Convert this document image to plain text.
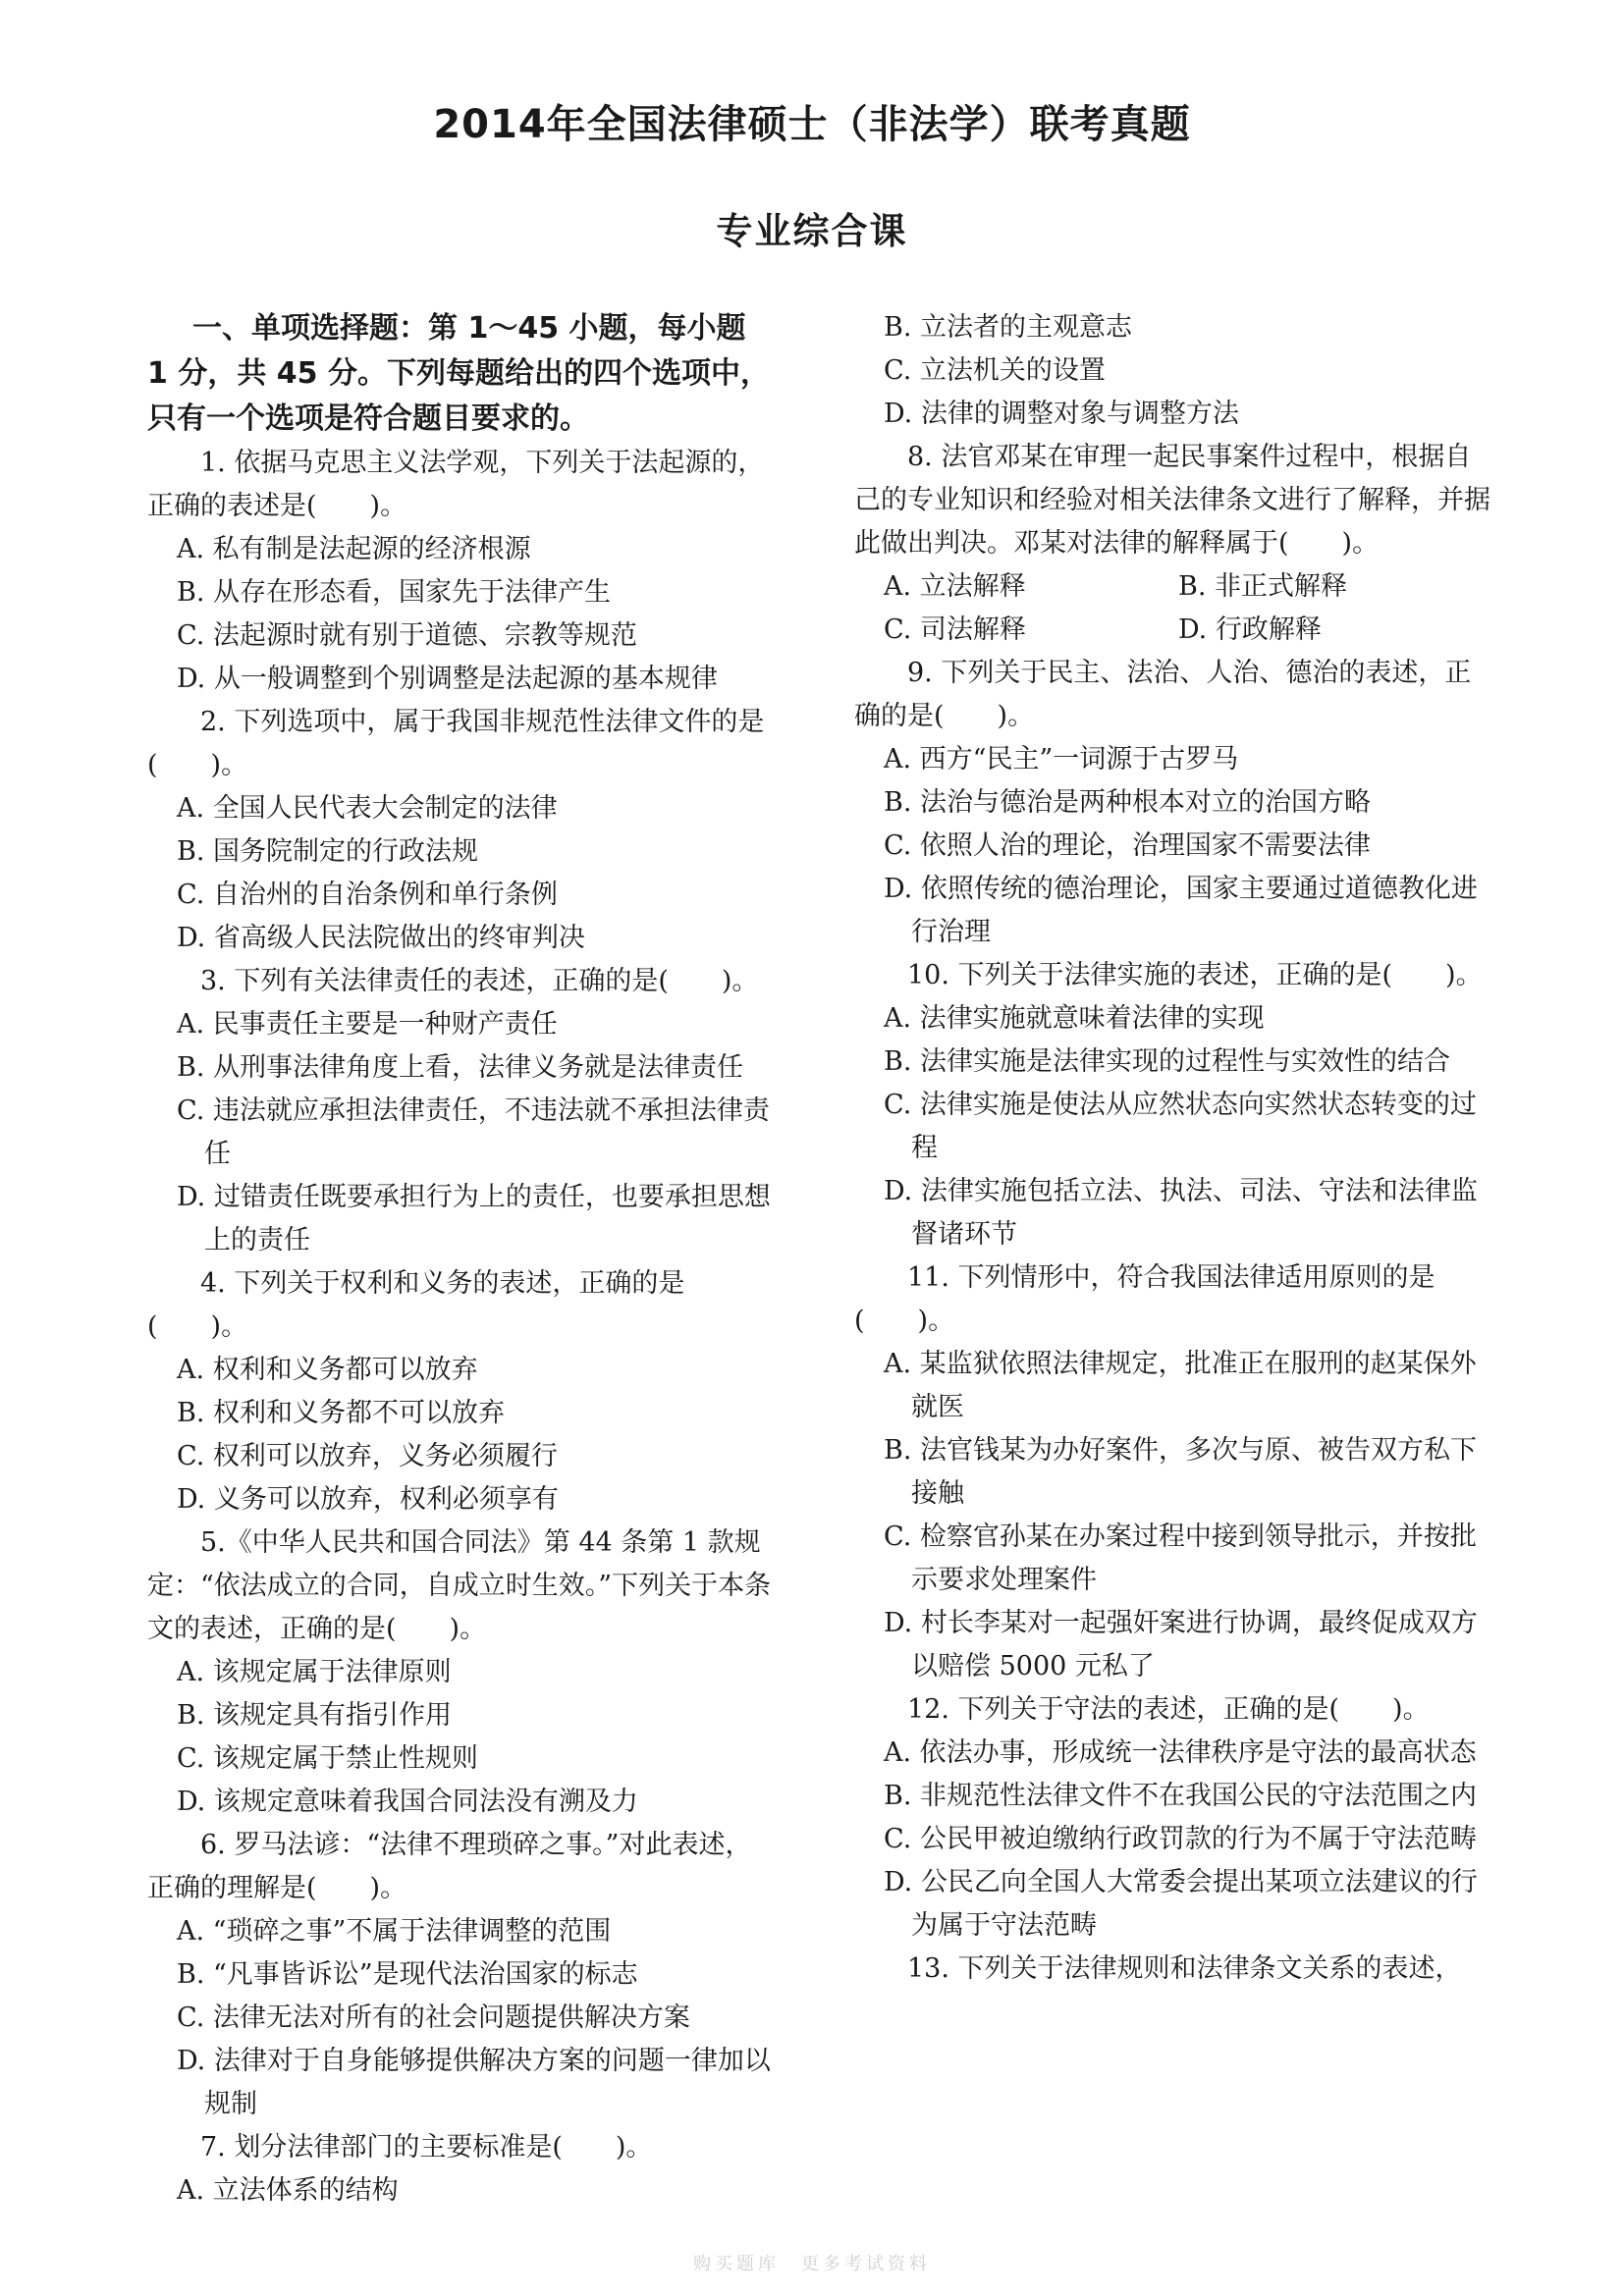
2014年全国法律硕士（非法学）联考真题
专业综合课

一、单项选择题：第 1～45 小题，每小题 1 分，共 45 分。下列每题给出的四个选项中，只有一个选项是符合题目要求的。

1. 依据马克思主义法学观，下列关于法起源的，正确的表述是(　　)。

A. 私有制是法起源的经济根源

B. 从存在形态看，国家先于法律产生

C. 法起源时就有别于道德、宗教等规范

D. 从一般调整到个别调整是法起源的基本规律

2. 下列选项中，属于我国非规范性法律文件的是(　　)。

A. 全国人民代表大会制定的法律

B. 国务院制定的行政法规

C. 自治州的自治条例和单行条例

D. 省高级人民法院做出的终审判决

3. 下列有关法律责任的表述，正确的是(　　)。

A. 民事责任主要是一种财产责任

B. 从刑事法律角度上看，法律义务就是法律责任

C. 违法就应承担法律责任，不违法就不承担法律责任

D. 过错责任既要承担行为上的责任，也要承担思想上的责任

4. 下列关于权利和义务的表述，正确的是(　　)。

A. 权利和义务都可以放弃

B. 权利和义务都不可以放弃

C. 权利可以放弃，义务必须履行

D. 义务可以放弃，权利必须享有

5.《中华人民共和国合同法》第 44 条第 1 款规定：“依法成立的合同，自成立时生效。”下列关于本条文的表述，正确的是(　　)。

A. 该规定属于法律原则

B. 该规定具有指引作用

C. 该规定属于禁止性规则

D. 该规定意味着我国合同法没有溯及力

6. 罗马法谚：“法律不理琐碎之事。”对此表述，正确的理解是(　　)。

A. “琐碎之事”不属于法律调整的范围

B. “凡事皆诉讼”是现代法治国家的标志

C. 法律无法对所有的社会问题提供解决方案

D. 法律对于自身能够提供解决方案的问题一律加以规制

7. 划分法律部门的主要标准是(　　)。

A. 立法体系的结构

B. 立法者的主观意志

C. 立法机关的设置

D. 法律的调整对象与调整方法

8. 法官邓某在审理一起民事案件过程中，根据自己的专业知识和经验对相关法律条文进行了解释，并据此做出判决。邓某对法律的解释属于(　　)。

A. 立法解释	B. 非正式解释
C. 司法解释	D. 行政解释

9. 下列关于民主、法治、人治、德治的表述，正确的是(　　)。

A. 西方“民主”一词源于古罗马

B. 法治与德治是两种根本对立的治国方略

C. 依照人治的理论，治理国家不需要法律

D. 依照传统的德治理论，国家主要通过道德教化进行治理

10. 下列关于法律实施的表述，正确的是(　　)。

A. 法律实施就意味着法律的实现

B. 法律实施是法律实现的过程性与实效性的结合

C. 法律实施是使法从应然状态向实然状态转变的过程

D. 法律实施包括立法、执法、司法、守法和法律监督诸环节

11. 下列情形中，符合我国法律适用原则的是(　　)。

A. 某监狱依照法律规定，批准正在服刑的赵某保外就医

B. 法官钱某为办好案件，多次与原、被告双方私下接触

C. 检察官孙某在办案过程中接到领导批示，并按批示要求处理案件

D. 村长李某对一起强奸案进行协调，最终促成双方以赔偿 5000 元私了

12. 下列关于守法的表述，正确的是(　　)。

A. 依法办事，形成统一法律秩序是守法的最高状态

B. 非规范性法律文件不在我国公民的守法范围之内

C. 公民甲被迫缴纳行政罚款的行为不属于守法范畴

D. 公民乙向全国人大常委会提出某项立法建议的行为属于守法范畴

13. 下列关于法律规则和法律条文关系的表述，

购买题库　更多考试资料
